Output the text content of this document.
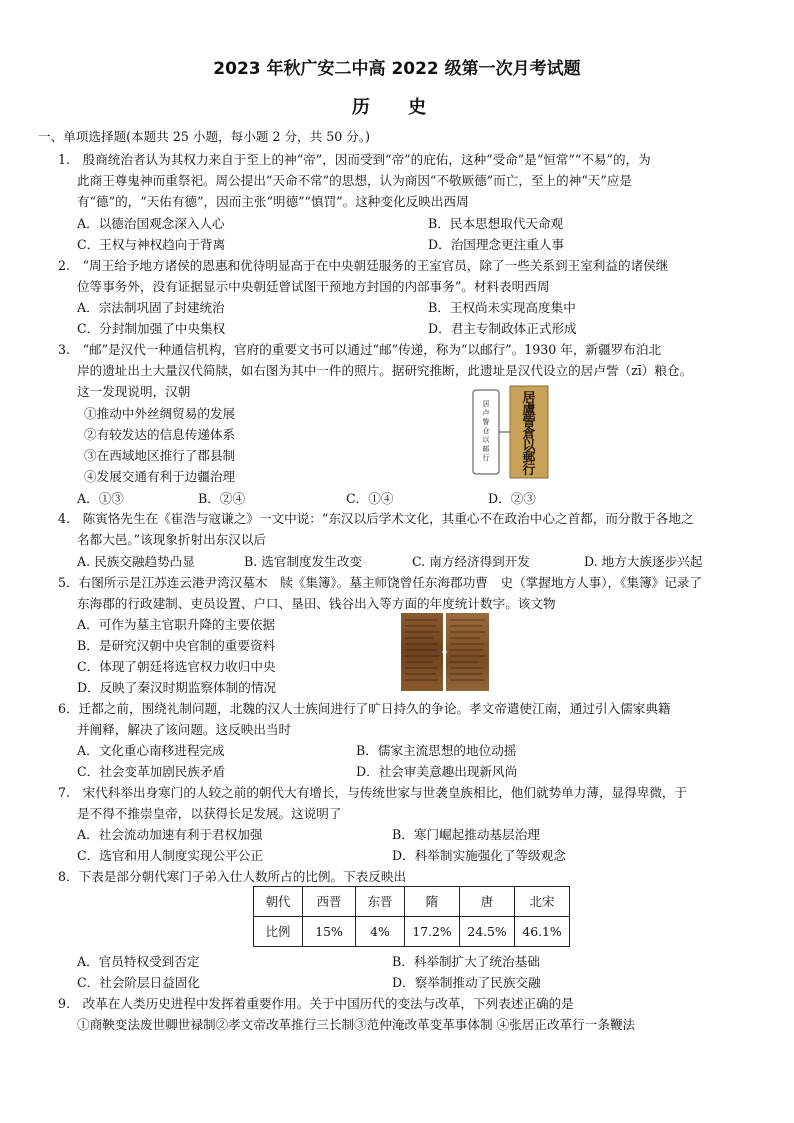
2023 年秋广安二中高 2022 级第一次月考试题
历 史
一、单项选择题(本题共 25 小题，每小题 2 分，共 50 分。)
1.　殷商统治者认为其权力来自于至上的神“帝”，因而受到“帝”的庇佑，这种“受命”是“恒常”“不易”的，为
此商王尊鬼神而重祭祀。周公提出“天命不常”的思想，认为商因“不敬厥德”而亡，至上的神“天”应是
有“德”的，“天佑有德”，因而主张“明德”“慎罚”。这种变化反映出西周
A．以德治国观念深入人心	B．民本思想取代天命观
C．王权与神权趋向于背离	D．治国理念更注重人事
2.　“周王给予地方诸侯的恩惠和优待明显高于在中央朝廷服务的王室官员，除了一些关系到王室利益的诸侯继
位等事务外，没有证据显示中央朝廷曾试图干预地方封国的内部事务”。材料表明西周
A．宗法制巩固了封建统治	B．王权尚未实现高度集中
C．分封制加强了中央集权	D．君主专制政体正式形成
3.　“邮”是汉代一种通信机构，官府的重要文书可以通过“邮”传递，称为“以邮行”。1930 年，新疆罗布泊北
岸的遗址出土大量汉代简牍，如右图为其中一件的照片。据研究推断，此遗址是汉代设立的居卢訾（zī）粮仓。
这一发现说明，汉朝
①推动中外丝绸贸易的发展
②有较发达的信息传递体系
③在西域地区推行了郡县制
④发展交通有利于边疆治理
A．①③	B．②④	C．①④	D．②③
居卢訾仓以邮行
居盧訾倉以郵行
4.　陈寅恪先生在《崔浩与寇谦之》一文中说：“东汉以后学术文化，其重心不在政治中心之首都，而分散于各地之
名都大邑。”该现象折射出东汉以后
A. 民族交融趋势凸显	B. 选官制度发生改变	C. 南方经济得到开发	D. 地方大族逐步兴起
5．右图所示是江苏连云港尹湾汉墓木　牍《集簿》。墓主师饶曾任东海郡功曹　史（掌握地方人事），《集簿》记录了
东海郡的行政建制、吏员设置、户口、垦田、钱谷出入等方面的年度统计数字。该文物
A．可作为墓主官职升降的主要依据
B．是研究汉朝中央官制的重要资料
C．体现了朝廷将选官权力收归中央
D．反映了秦汉时期监察体制的情况
6．迁都之前，围绕礼制问题，北魏的汉人士族间进行了旷日持久的争论。孝文帝遣使江南，通过引入儒家典籍
并阐释，解决了该问题。这反映出当时
A．文化重心南移进程完成	B．儒家主流思想的地位动摇
C．社会变革加剧民族矛盾	D．社会审美意趣出现新风尚
7.　宋代科举出身寒门的人较之前的朝代大有增长，与传统世家与世袭皇族相比，他们就势单力薄，显得卑微，于
是不得不推崇皇帝，以获得长足发展。这说明了
A．社会流动加速有利于君权加强	B．寒门崛起推动基层治理
C．选官和用人制度实现公平公正	D．科举制实施强化了等级观念
8．下表是部分朝代寒门子弟入仕人数所占的比例。下表反映出
朝代	西晋	东晋	隋	唐	北宋
比例	15%	4%	17.2%	24.5%	46.1%
A．官员特权受到否定	B．科举制扩大了统治基础
C．社会阶层日益固化	D．察举制推动了民族交融
9.　改革在人类历史进程中发挥着重要作用。关于中国历代的变法与改革，下列表述正确的是
①商鞅变法废世卿世禄制②孝文帝改革推行三长制③范仲淹改革变革事体制 ④张居正改革行一条鞭法
